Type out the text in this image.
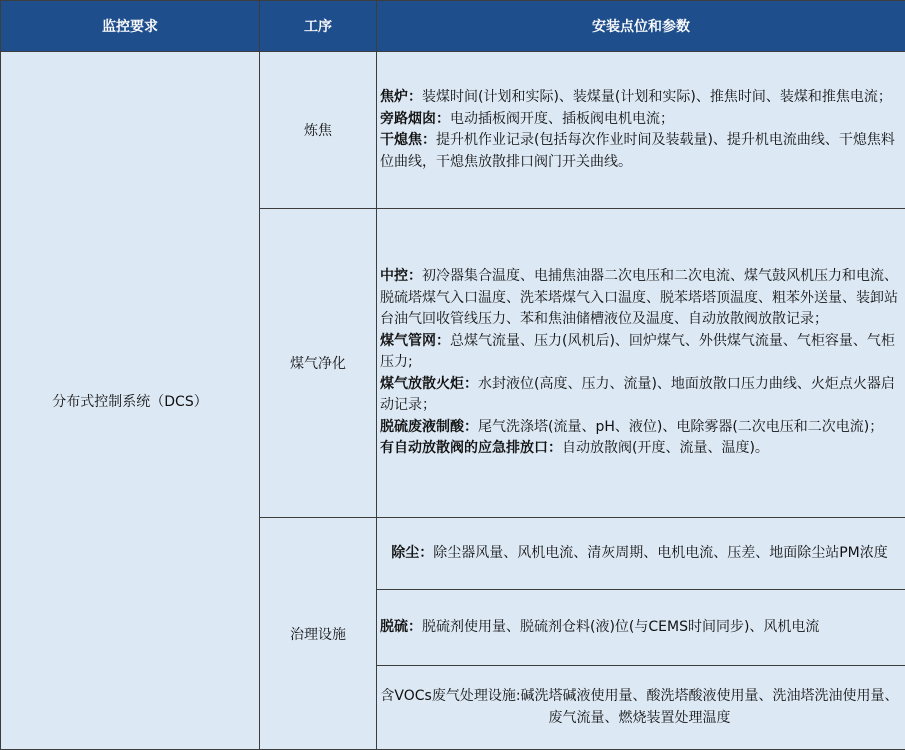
监控要求	工序	安装点位和参数
分布式控制系统（DCS）	炼焦	焦炉：装煤时间(计划和实际)、装煤量(计划和实际)、推焦时间、装煤和推焦电流；
旁路烟囱：电动插板阀开度、插板阀电机电流；
干熄焦：提升机作业记录(包括每次作业时间及装载量)、提升机电流曲线、干熄焦料位曲线，干熄焦放散排口阀门开关曲线。

	煤气净化	中控：初冷器集合温度、电捕焦油器二次电压和二次电流、煤气鼓风机压力和电流、脱硫塔煤气入口温度、洗苯塔煤气入口温度、脱苯塔塔顶温度、粗苯外送量、装卸站台油气回收管线压力、苯和焦油储槽液位及温度、自动放散阀放散记录；
煤气管网：总煤气流量、压力(风机后)、回炉煤气、外供煤气流量、气柜容量、气柜压力;
煤气放散火炬：水封液位(高度、压力、流量)、地面放散口压力曲线、火炬点火器启动记录；
脱硫废液制酸：尾气洗涤塔(流量、pH、液位)、电除雾器(二次电压和二次电流)；
有自动放散阀的应急排放口：自动放散阀(开度、流量、温度)。

	治理设施	除尘：除尘器风量、风机电流、清灰周期、电机电流、压差、地面除尘站PM浓度
		脱硫：脱硫剂使用量、脱硫剂仓料(液)位(与CEMS时间同步)、风机电流
		含VOCs废气处理设施:碱洗塔碱液使用量、酸洗塔酸液使用量、洗油塔洗油使用量、废气流量、燃烧装置处理温度
